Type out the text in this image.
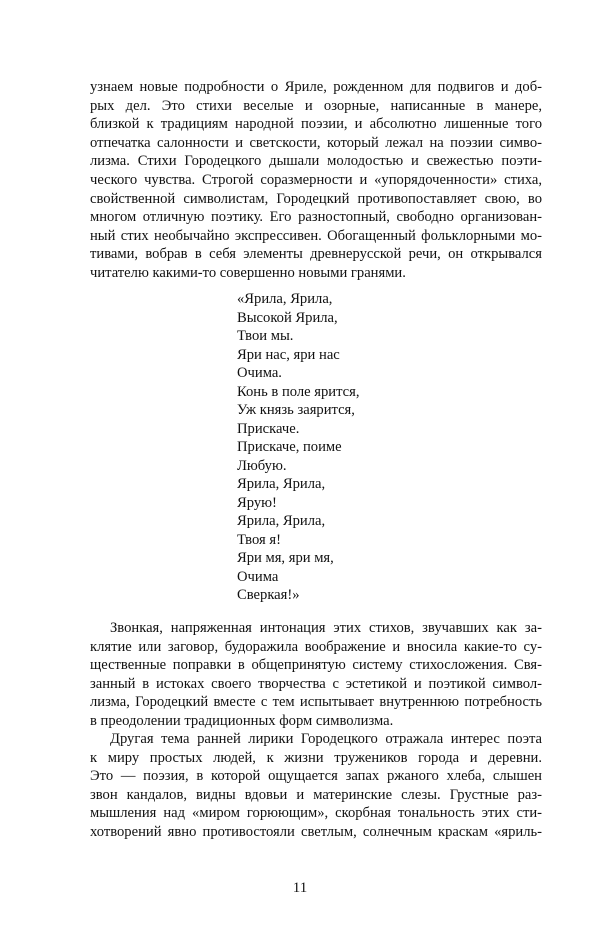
узнаем новые подробности о Яриле, рожденном для подвигов и доб-
рых дел. Это стихи веселые и озорные, написанные в манере,
близкой к традициям народной поэзии, и абсолютно лишенные того
отпечатка салонности и светскости, который лежал на поэзии симво-
лизма. Стихи Городецкого дышали молодостью и свежестью поэти-
ческого чувства. Строгой соразмерности и «упорядоченности» стиха,
свойственной символистам, Городецкий противопоставляет свою, во
многом отличную поэтику. Его разностопный, свободно организован-
ный стих необычайно экспрессивен. Обогащенный фольклорными мо-
тивами, вобрав в себя элементы древнерусской речи, он открывался
читателю какими-то совершенно новыми гранями.
«Ярила, Ярила,
Высокой Ярила,
Твои мы.
Яри нас, яри нас
Очима.
Конь в поле ярится,
Уж князь заярится,
Прискаче.
Прискаче, поиме
Любую.
Ярила, Ярила,
Ярую!
Ярила, Ярила,
Твоя я!
Яри мя, яри мя,
Очима
Сверкая!»
Звонкая, напряженная интонация этих стихов, звучавших как за-
клятие или заговор, будоражила воображение и вносила какие-то су-
щественные поправки в общепринятую систему стихосложения. Свя-
занный в истоках своего творчества с эстетикой и поэтикой символ-
лизма, Городецкий вместе с тем испытывает внутреннюю потребность
в преодолении традиционных форм символизма.
Другая тема ранней лирики Городецкого отражала интерес поэта
к миру простых людей, к жизни тружеников города и деревни.
Это — поэзия, в которой ощущается запах ржаного хлеба, слышен
звон кандалов, видны вдовьи и материнские слезы. Грустные раз-
мышления над «миром горюющим», скорбная тональность этих сти-
хотворений явно противостояли светлым, солнечным краскам «яриль-
11
